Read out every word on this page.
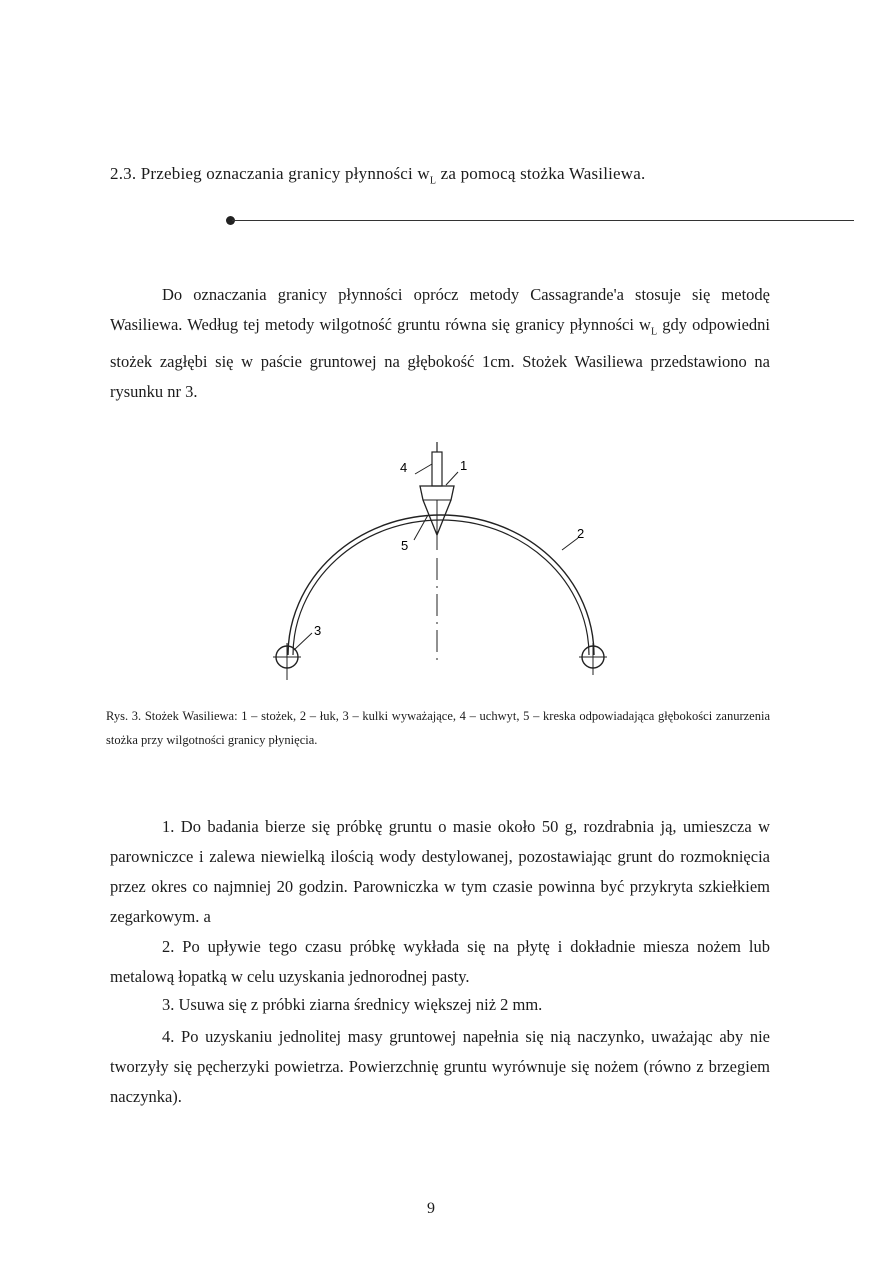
2.3. Przebieg oznaczania granicy płynności $w_L$ za pomocą stożka Wasiliewa.
Do oznaczania granicy płynności oprócz metody Cassagrande'a stosuje się metodę Wasiliewa. Według tej metody wilgotność gruntu równa się granicy płynności $w_L$ gdy odpowiedni stożek zagłębi się w paście gruntowej na głębokość 1cm. Stożek Wasiliewa przedstawiono na rysunku nr 3.
4	1
5
2
3
Rys. 3. Stożek Wasiliewa: 1 – stożek, 2 – łuk, 3 – kulki wyważające, 4 – uchwyt, 5 – kreska odpowiadająca głębokości zanurzenia stożka przy wilgotności granicy płynięcia.
1. Do badania bierze się próbkę gruntu o masie około 50 g, rozdrabnia ją, umieszcza w parowniczce i zalewa niewielką ilością wody destylowanej, pozostawiając grunt do rozmoknięcia przez okres co najmniej 20 godzin. Parowniczka w tym czasie powinna być przykryta szkiełkiem zegarkowym. a
2. Po upływie tego czasu próbkę wykłada się na płytę i dokładnie miesza nożem lub metalową łopatką w celu uzyskania jednorodnej pasty.
3. Usuwa się z próbki ziarna średnicy większej niż 2 mm.
4. Po uzyskaniu jednolitej masy gruntowej napełnia się nią naczynko, uważając aby nie tworzyły się pęcherzyki powietrza. Powierzchnię gruntu wyrównuje się nożem (równo z brzegiem naczynka).
9
